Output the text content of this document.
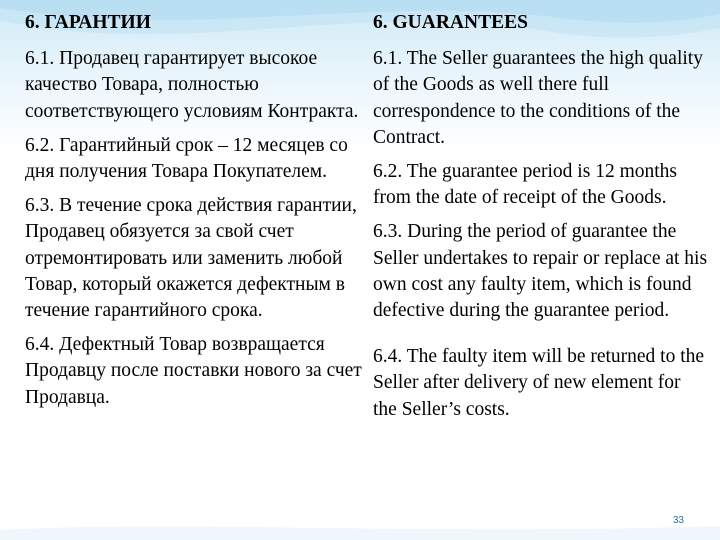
6. ГАРАНТИИ

6.1. Продавец гарантирует высокое качество Товара, полностью соответствующего условиям Контракта.

6.2. Гарантийный срок – 12 месяцев со дня получения Товара Покупателем.

6.3. В течение срока действия гарантии, Продавец обязуется за свой счет отремонтировать или заменить любой Товар, который окажется дефектным в течение гарантийного срока.

6.4. Дефектный Товар возвращается Продавцу после поставки нового за счет Продавца.

6. GUARANTEES

6.1. The Seller guarantees the high quality of the Goods as well there full correspondence to the conditions of the Contract.

6.2. The guarantee period is 12 months from the date of receipt of the Goods.

6.3. During the period of guarantee the Seller undertakes to repair or replace at his own cost any faulty item, which is found defective during the guarantee period.

6.4. The faulty item will be returned to the Seller after delivery of new element for the Seller’s costs.

33
